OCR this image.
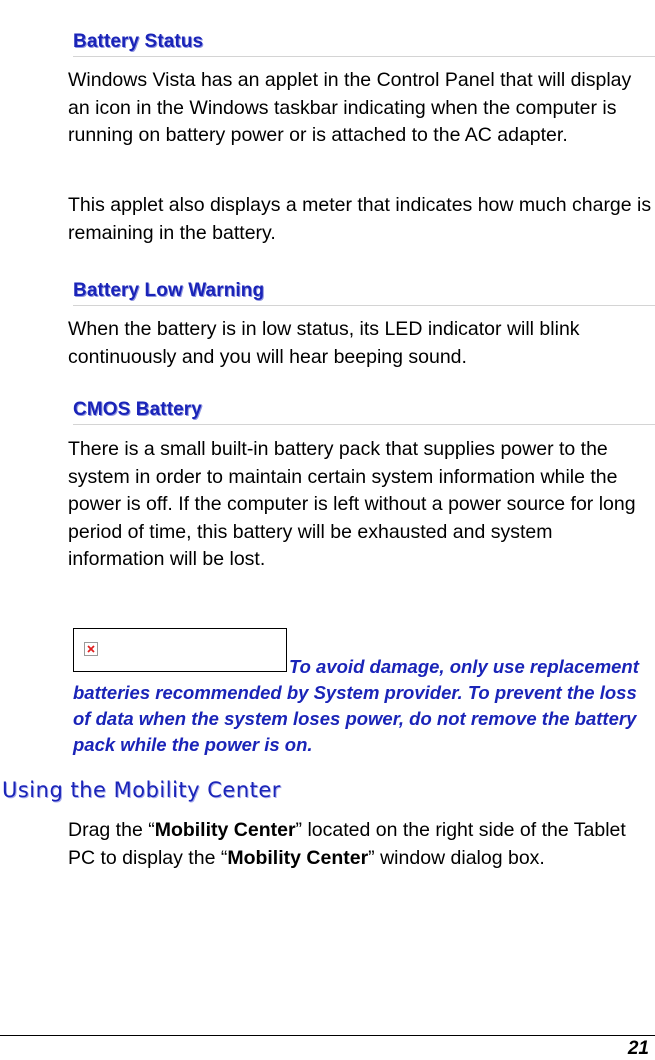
Battery Status

Windows Vista has an applet in the Control Panel that will display an icon in the Windows taskbar indicating when the computer is running on battery power or is attached to the AC adapter.

This applet also displays a meter that indicates how much charge is remaining in the battery.

Battery Low Warning

When the battery is in low status, its LED indicator will blink continuously and you will hear beeping sound.

CMOS Battery

There is a small built-in battery pack that supplies power to the system in order to maintain certain system information while the power is off. If the computer is left without a power source for long period of time, this battery will be exhausted and system information will be lost.

To avoid damage, only use replacement batteries recommended by System provider. To prevent the loss of data when the system loses power, do not remove the battery pack while the power is on.

Using the Mobility Center

Drag the “Mobility Center” located on the right side of the Tablet PC to display the “Mobility Center” window dialog box.

21
